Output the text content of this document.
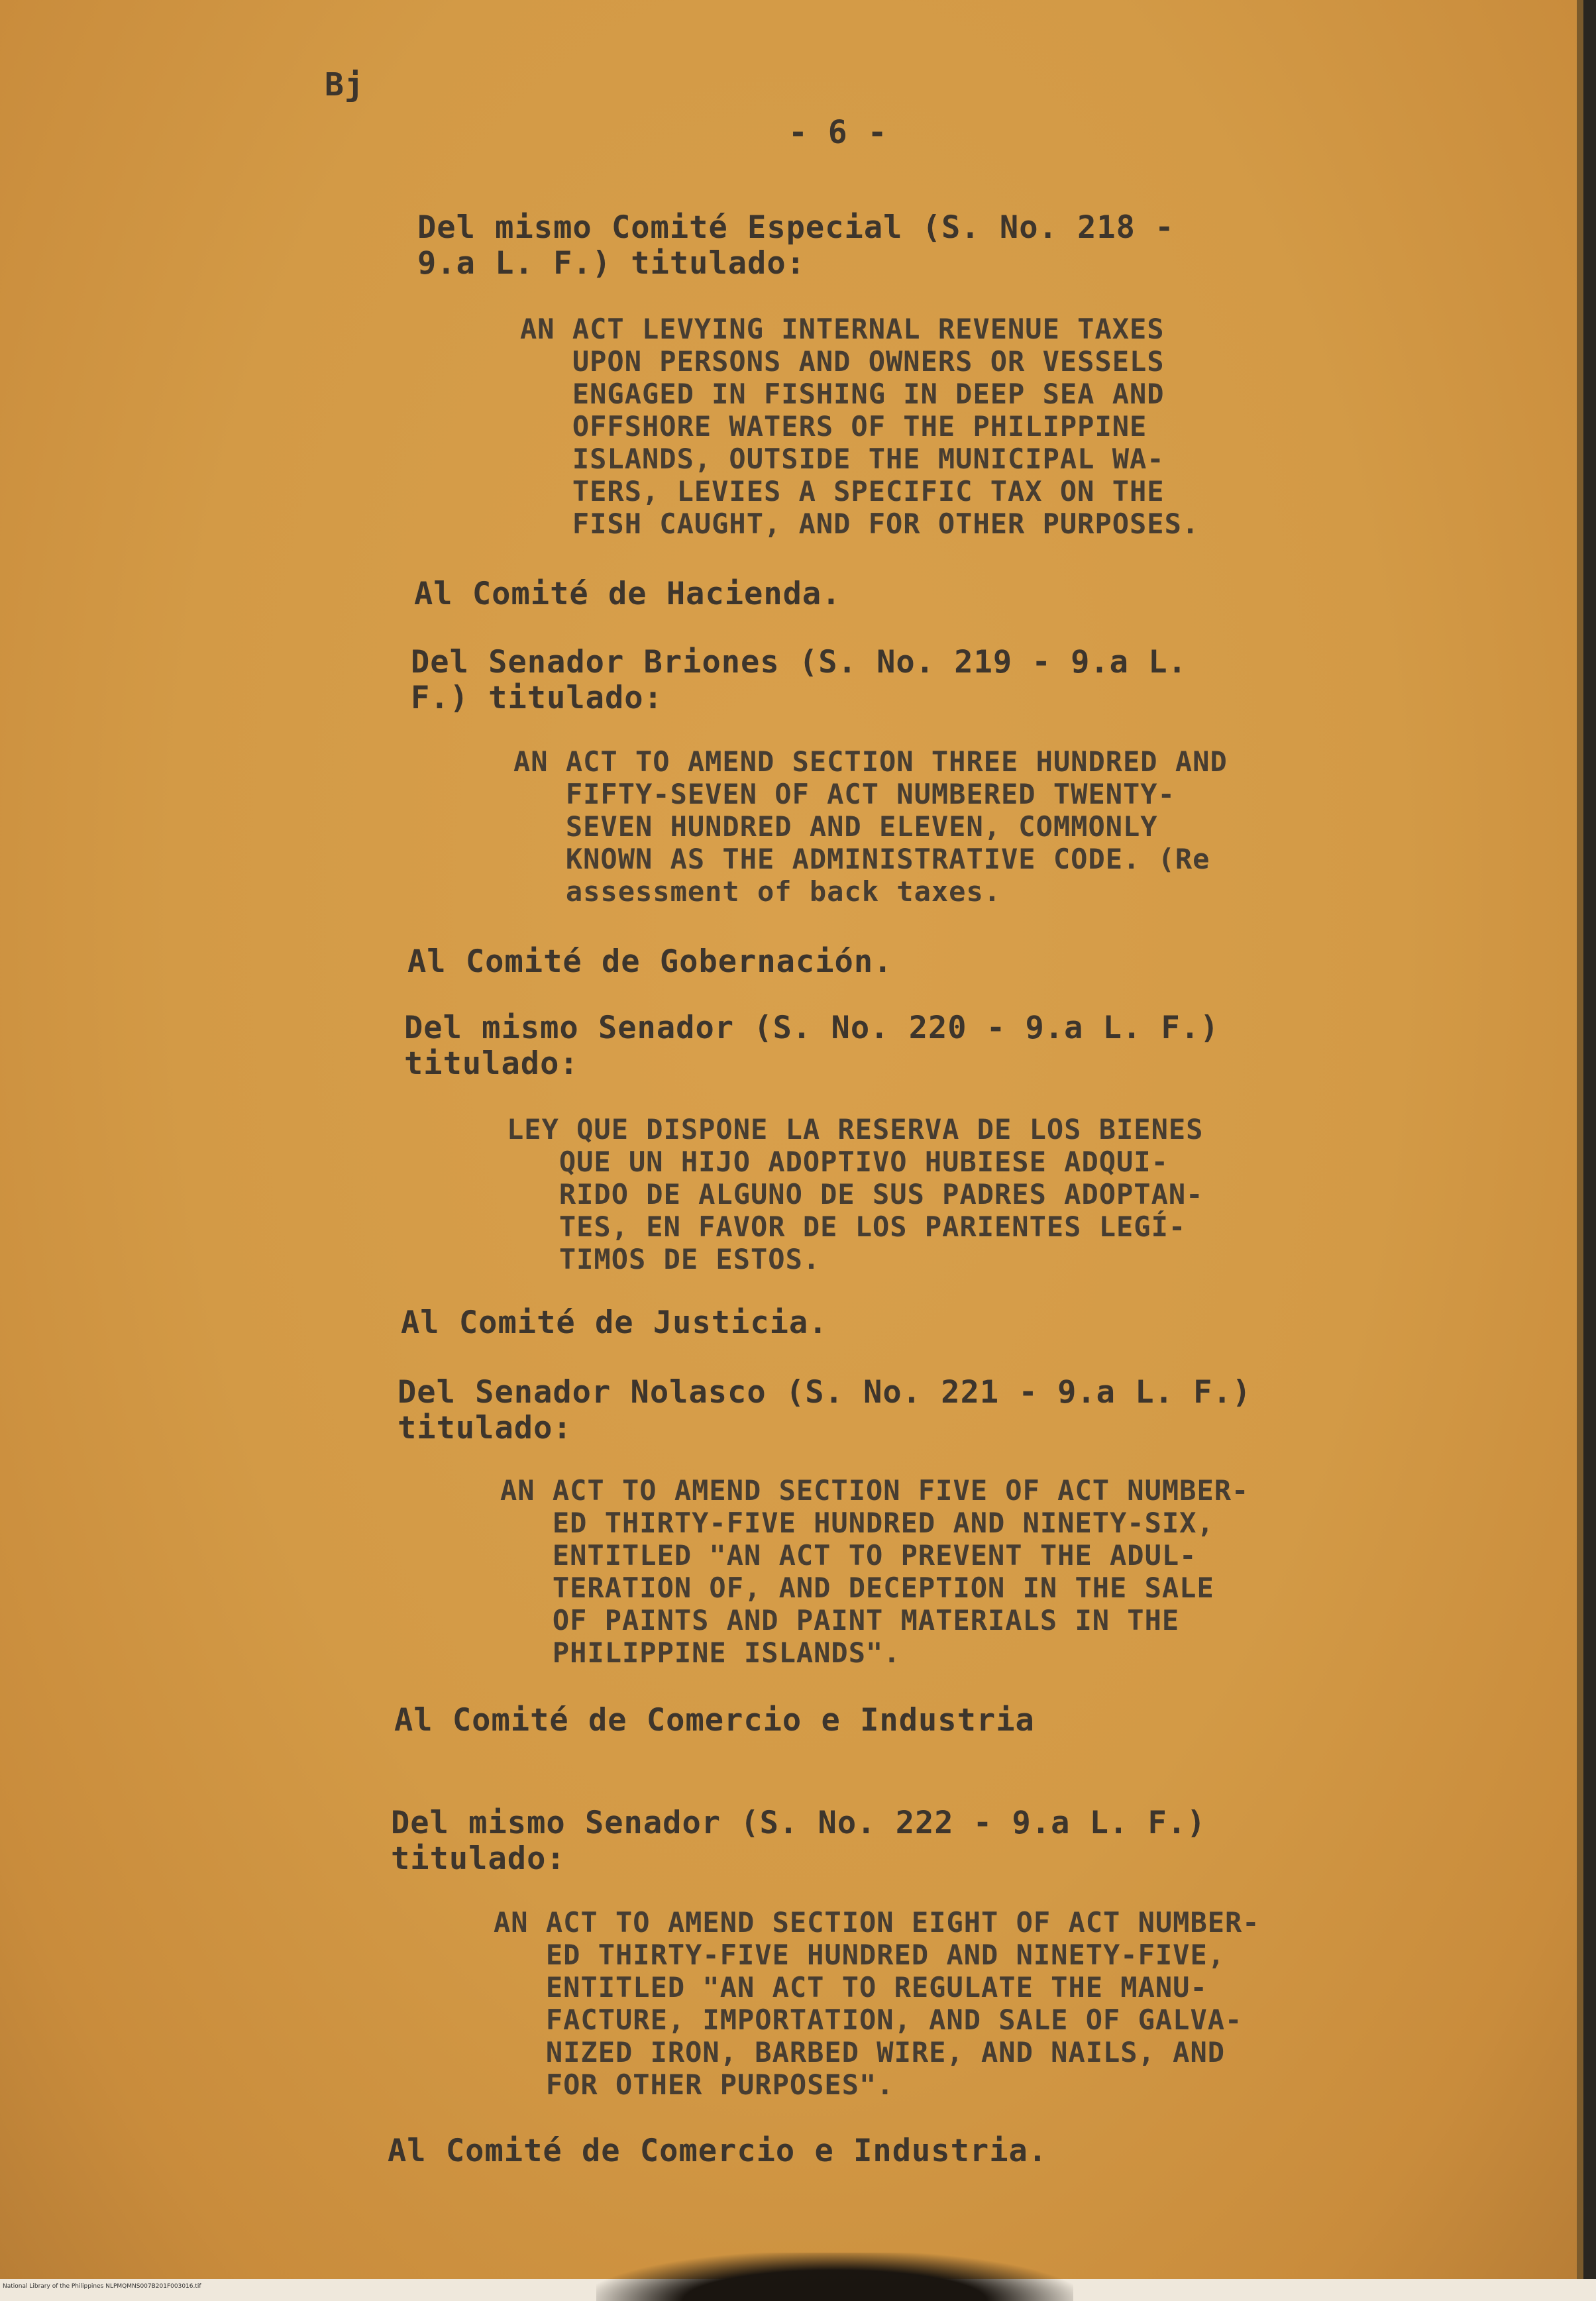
Bj
- 6 -
Del mismo Comité Especial (S. No. 218 -
9.a L. F.) titulado:
AN ACT LEVYING INTERNAL REVENUE TAXES
UPON PERSONS AND OWNERS OR VESSELS
ENGAGED IN FISHING IN DEEP SEA AND
OFFSHORE WATERS OF THE PHILIPPINE
ISLANDS, OUTSIDE THE MUNICIPAL WA-
TERS, LEVIES A SPECIFIC TAX ON THE
FISH CAUGHT, AND FOR OTHER PURPOSES.
Al Comité de Hacienda.
Del Senador Briones (S. No. 219 - 9.a L.
F.) titulado:
AN ACT TO AMEND SECTION THREE HUNDRED AND
FIFTY-SEVEN OF ACT NUMBERED TWENTY-
SEVEN HUNDRED AND ELEVEN, COMMONLY
KNOWN AS THE ADMINISTRATIVE CODE. (Re
assessment of back taxes.
Al Comité de Gobernación.
Del mismo Senador (S. No. 220 - 9.a L. F.)
titulado:
LEY QUE DISPONE LA RESERVA DE LOS BIENES
QUE UN HIJO ADOPTIVO HUBIESE ADQUI-
RIDO DE ALGUNO DE SUS PADRES ADOPTAN-
TES, EN FAVOR DE LOS PARIENTES LEGÍ-
TIMOS DE ESTOS.
Al Comité de Justicia.
Del Senador Nolasco (S. No. 221 - 9.a L. F.)
titulado:
AN ACT TO AMEND SECTION FIVE OF ACT NUMBER-
ED THIRTY-FIVE HUNDRED AND NINETY-SIX,
ENTITLED "AN ACT TO PREVENT THE ADUL-
TERATION OF, AND DECEPTION IN THE SALE
OF PAINTS AND PAINT MATERIALS IN THE
PHILIPPINE ISLANDS".
Al Comité de Comercio e Industria
Del mismo Senador (S. No. 222 - 9.a L. F.)
titulado:
AN ACT TO AMEND SECTION EIGHT OF ACT NUMBER-
ED THIRTY-FIVE HUNDRED AND NINETY-FIVE,
ENTITLED "AN ACT TO REGULATE THE MANU-
FACTURE, IMPORTATION, AND SALE OF GALVA-
NIZED IRON, BARBED WIRE, AND NAILS, AND
FOR OTHER PURPOSES".
Al Comité de Comercio e Industria.
National Library of the Philippines NLPMQMNS007B201F003016.tif
